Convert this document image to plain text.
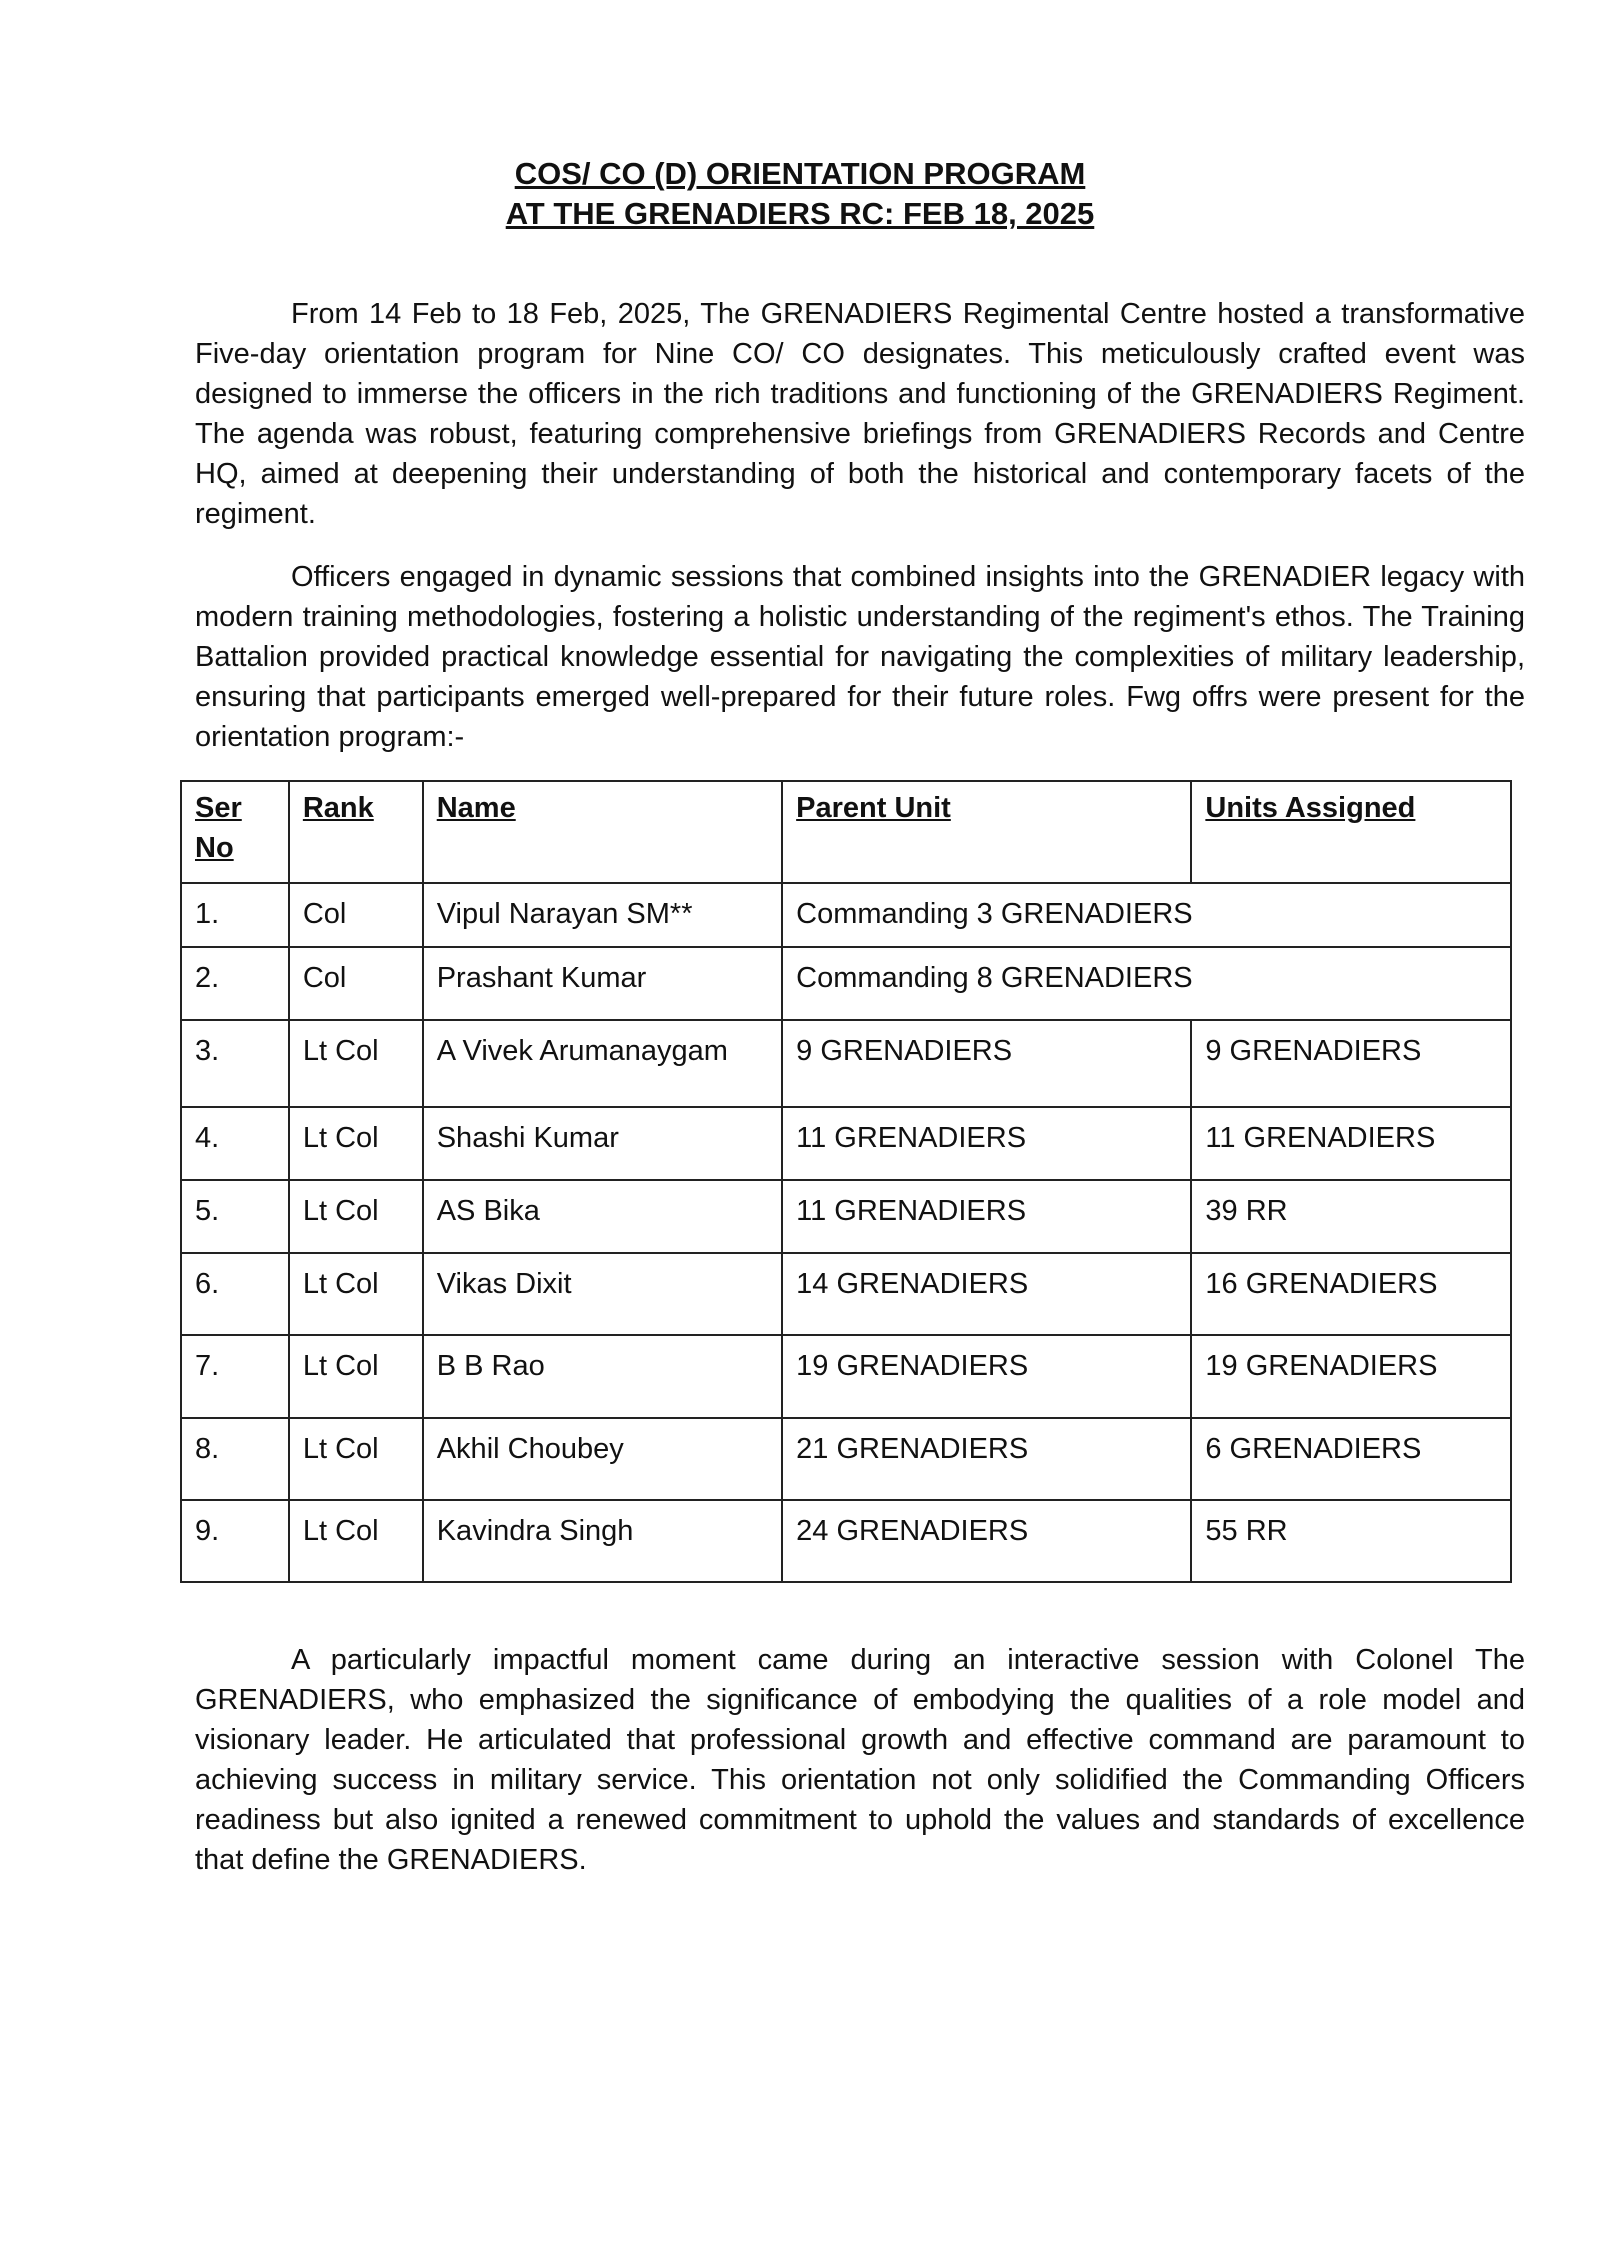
COS/ CO (D) ORIENTATION PROGRAM
AT THE GRENADIERS RC: FEB 18, 2025

From 14 Feb to 18 Feb, 2025, The GRENADIERS Regimental Centre hosted a transformative Five-day orientation program for Nine CO/ CO designates. This meticulously crafted event was designed to immerse the officers in the rich traditions and functioning of the GRENADIERS Regiment. The agenda was robust, featuring comprehensive briefings from GRENADIERS Records and Centre HQ, aimed at deepening their understanding of both the historical and contemporary facets of the regiment.

Officers engaged in dynamic sessions that combined insights into the GRENADIER legacy with modern training methodologies, fostering a holistic understanding of the regiment's ethos. The Training Battalion provided practical knowledge essential for navigating the complexities of military leadership, ensuring that participants emerged well-prepared for their future roles. Fwg offrs were present for the orientation program:-

Ser
No	Rank	Name	Parent Unit	Units Assigned
1.	Col	Vipul Narayan SM**	Commanding 3 GRENADIERS	
2.	Col	Prashant Kumar	Commanding 8 GRENADIERS	
3.	Lt Col	A Vivek Arumanaygam	9 GRENADIERS	9 GRENADIERS
4.	Lt Col	Shashi Kumar	11 GRENADIERS	11 GRENADIERS
5.	Lt Col	AS Bika	11 GRENADIERS	39 RR
6.	Lt Col	Vikas Dixit	14 GRENADIERS	16 GRENADIERS
7.	Lt Col	B B Rao	19 GRENADIERS	19 GRENADIERS
8.	Lt Col	Akhil Choubey	21 GRENADIERS	6 GRENADIERS
9.	Lt Col	Kavindra Singh	24 GRENADIERS	55 RR

A particularly impactful moment came during an interactive session with Colonel The GRENADIERS, who emphasized the significance of embodying the qualities of a role model and visionary leader. He articulated that professional growth and effective command are paramount to achieving success in military service. This orientation not only solidified the Commanding Officers readiness but also ignited a renewed commitment to uphold the values and standards of excellence that define the GRENADIERS.
